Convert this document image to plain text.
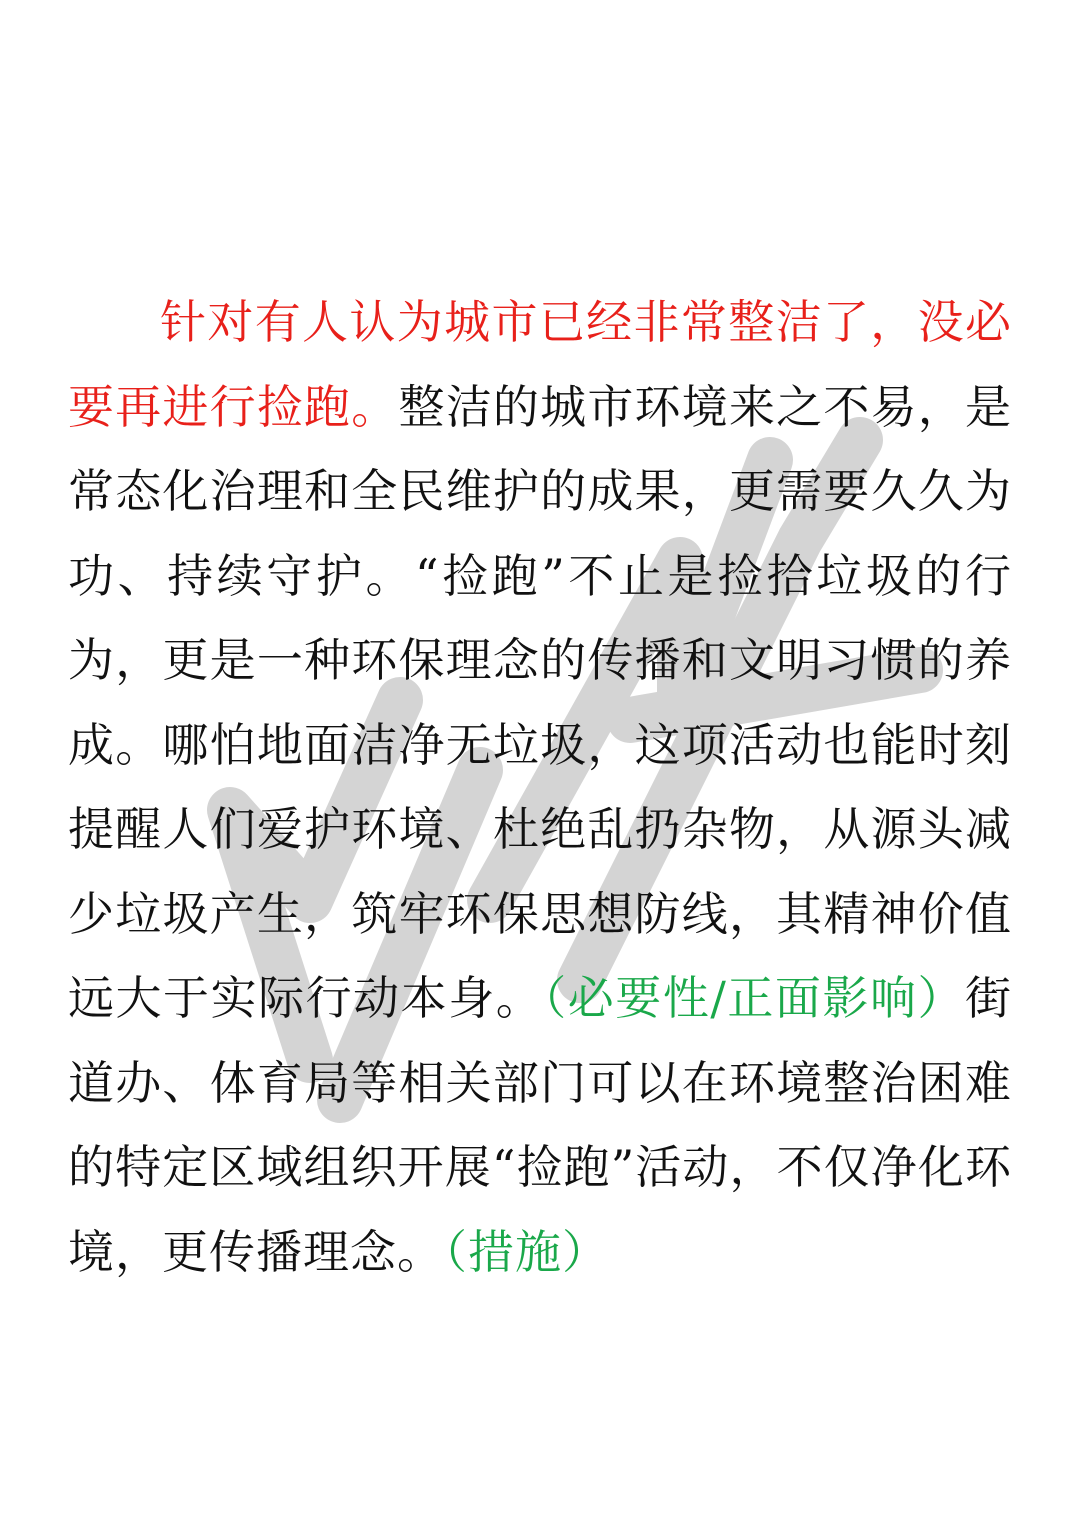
针对有人认为城市已经非常整洁了，没必要再进行捡跑。整洁的城市环境来之不易，是常态化治理和全民维护的成果，更需要久久为功、持续守护。“捡跑”不止是捡拾垃圾的行为，更是一种环保理念的传播和文明习惯的养成。哪怕地面洁净无垃圾，这项活动也能时刻提醒人们爱护环境、杜绝乱扔杂物，从源头减少垃圾产生，筑牢环保思想防线，其精神价值远大于实际行动本身。（必要性/正面影响）街道办、体育局等相关部门可以在环境整治困难的特定区域组织开展“捡跑”活动，不仅净化环境，更传播理念。（措施）
